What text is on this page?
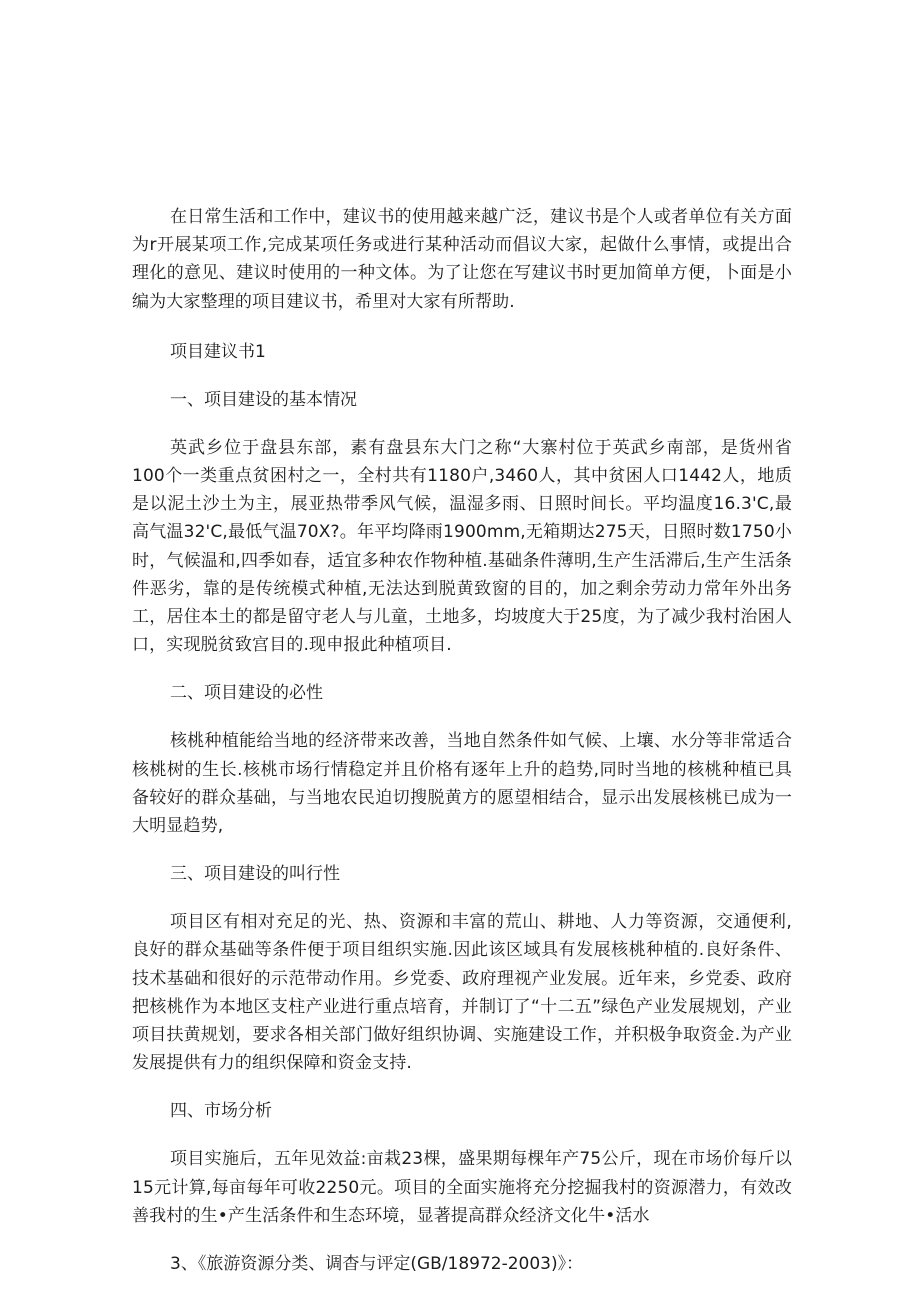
在日常生活和工作中，建议书的使用越来越广泛，建议书是个人或者单位有关方面为r开展某项工作,完成某项任务或进行某种活动而倡议大家，起做什么事情，或提出合理化的意见、建议时使用的一种文体。为了让您在写建议书时更加简单方便，卜面是小编为大家整理的项目建议书，希里对大家有所帮助.

项目建议书1

一、项目建设的基本情况

英武乡位于盘县东部，素有盘县东大门之称“大寨村位于英武乡南部，是货州省100个一类重点贫困村之一，全村共有1180户,3460人，其中贫困人口1442人，地质是以泥土沙土为主，展亚热带季风气候，温湿多雨、日照时间长。平均温度16.3'C,最高气温32'C,最低气温70X?。年平均降雨1900mm,无箱期达275天，日照时数1750小时，气候温和,四季如春，适宜多种农作物种植.基础条件薄明,生产生活滞后,生产生活条件恶劣，靠的是传统模式种植,无法达到脱黄致窗的目的，加之剩余劳动力常年外出务工，居住本土的都是留守老人与儿童，土地多，均坡度大于25度，为了减少我村治困人口，实现脱贫致宫目的.现申报此种植项目.

二、项目建设的必性

核桃种植能给当地的经济带来改善，当地自然条件如气候、上壤、水分等非常适合核桃树的生长.核桃市场行情稳定并且价格有逐年上升的趋势,同时当地的核桃种植已具备较好的群众基础，与当地农民迫切搜脱黄方的愿望相结合，显示出发展核桃已成为一大明显趋势,

三、项目建设的叫行性

项目区有相对充足的光、热、资源和丰富的荒山、耕地、人力等资源，交通便利,良好的群众基础等条件便于项目组织实施.因此该区域具有发展核桃种植的.良好条件、技术基础和很好的示范带动作用。乡党委、政府理视产业发展。近年来，乡党委、政府把核桃作为本地区支柱产业进行重点培育，并制订了“十二五”绿色产业发展规划，产业项目扶黄规划，要求各相关部门做好组织协调、实施建设工作，并积极争取资金.为产业发展提供有力的组织保障和资金支持.

四、市场分析

项目实施后，五年见效益:亩栽23棵，盛果期每棵年产75公斤，现在市场价每斤以15元计算,每亩每年可收2250元。项目的全面实施将充分挖掘我村的资源潜力，有效改善我村的生•产生活条件和生态环境，显著提高群众经济文化牛•活水

3、《旅游资源分类、调杳与评定(GB/18972-2003)》：
